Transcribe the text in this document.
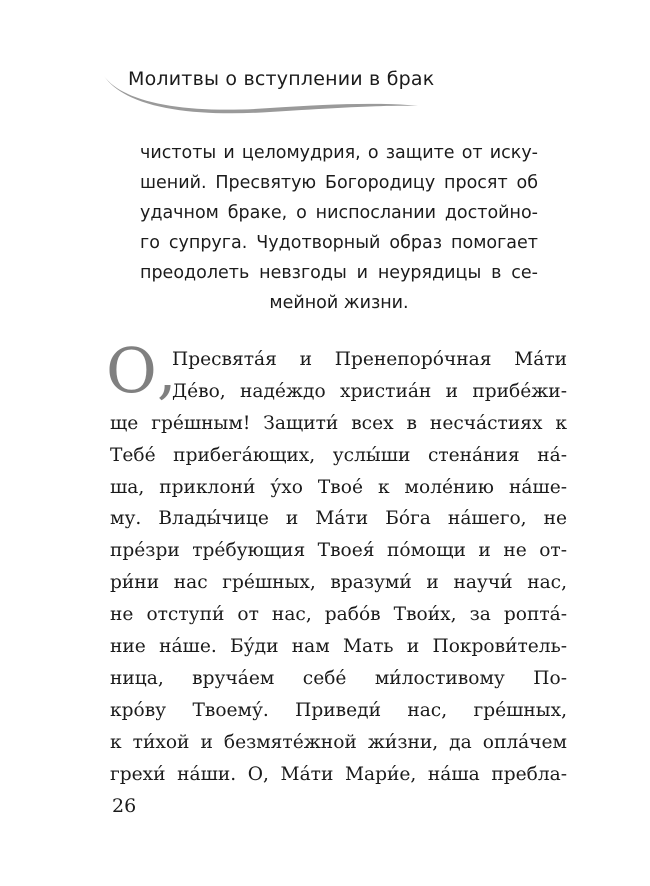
Молитвы о вступлении в брак
чистоты и целомудрия, о защите от иску-
шений. Пресвятую Богородицу просят об
удачном браке, о ниспослании достойно-
го супруга. Чудотворный образ помогает
преодолеть невзгоды и неурядицы в се-
мейной жизни.
О,
Пресвята́я и Пренепоро́чная Ма́ти
Де́во, наде́ждо христиа́н и прибе́жи-
ще гре́шным! Защити́ всех в несча́стиях к
Тебе́ прибега́ющих, услы́ши стена́ния на́-
ша, приклони́ у́хо Твое́ к моле́нию на́ше-
му. Влады́чице и Ма́ти Бо́га на́шего, не
пре́зри тре́бующия Твоея́ по́мощи и не от-
ри́ни нас гре́шных, вразуми́ и научи́ нас,
не отступи́ от нас, рабо́в Твои́х, за ропта́-
ние на́ше. Бу́ди нам Мать и Покрови́тель-
ница, вруча́ем себе́ ми́лостивому По-
кро́ву Твоему́. Приведи́ нас, гре́шных,
к ти́хой и безмяте́жной жи́зни, да опла́чем
грехи́ на́ши. О, Ма́ти Мари́е, на́ша пребла-
26
